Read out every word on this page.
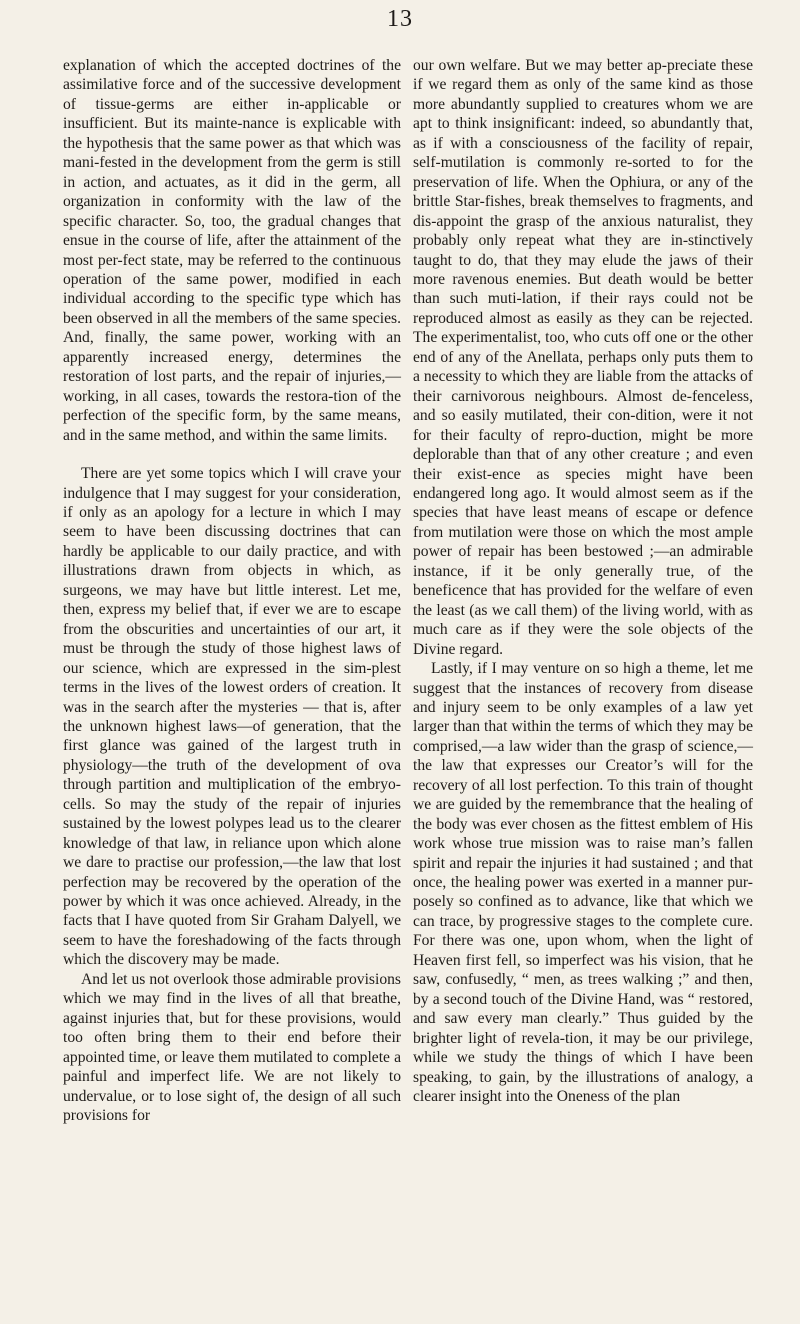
13

explanation of which the accepted doctrines of the assimilative force and of the successive development of tissue-germs are either in-applicable or insufficient. But its mainte-nance is explicable with the hypothesis that the same power as that which was mani-fested in the development from the germ is still in action, and actuates, as it did in the germ, all organization in conformity with the law of the specific character. So, too, the gradual changes that ensue in the course of life, after the attainment of the most per-fect state, may be referred to the continuous operation of the same power, modified in each individual according to the specific type which has been observed in all the members of the same species. And, finally, the same power, working with an apparently increased energy, determines the restoration of lost parts, and the repair of injuries,—working, in all cases, towards the restora-tion of the perfection of the specific form, by the same means, and in the same method, and within the same limits.

There are yet some topics which I will crave your indulgence that I may suggest for your consideration, if only as an apology for a lecture in which I may seem to have been discussing doctrines that can hardly be applicable to our daily practice, and with illustrations drawn from objects in which, as surgeons, we may have but little interest. Let me, then, express my belief that, if ever we are to escape from the obscurities and uncertainties of our art, it must be through the study of those highest laws of our science, which are expressed in the sim-plest terms in the lives of the lowest orders of creation. It was in the search after the mysteries — that is, after the unknown highest laws—of generation, that the first glance was gained of the largest truth in physiology—the truth of the development of ova through partition and multiplication of the embryo-cells. So may the study of the repair of injuries sustained by the lowest polypes lead us to the clearer knowledge of that law, in reliance upon which alone we dare to practise our profession,—the law that lost perfection may be recovered by the operation of the power by which it was once achieved. Already, in the facts that I have quoted from Sir Graham Dalyell, we seem to have the foreshadowing of the facts through which the discovery may be made.

And let us not overlook those admirable provisions which we may find in the lives of all that breathe, against injuries that, but for these provisions, would too often bring them to their end before their appointed time, or leave them mutilated to complete a painful and imperfect life. We are not likely to undervalue, or to lose sight of, the design of all such provisions for

our own welfare. But we may better ap-preciate these if we regard them as only of the same kind as those more abundantly supplied to creatures whom we are apt to think insignificant: indeed, so abundantly that, as if with a consciousness of the facility of repair, self-mutilation is commonly re-sorted to for the preservation of life. When the Ophiura, or any of the brittle Star-fishes, break themselves to fragments, and dis-appoint the grasp of the anxious naturalist, they probably only repeat what they are in-stinctively taught to do, that they may elude the jaws of their more ravenous enemies. But death would be better than such muti-lation, if their rays could not be reproduced almost as easily as they can be rejected. The experimentalist, too, who cuts off one or the other end of any of the Anellata, perhaps only puts them to a necessity to which they are liable from the attacks of their carnivorous neighbours. Almost de-fenceless, and so easily mutilated, their con-dition, were it not for their faculty of repro-duction, might be more deplorable than that of any other creature ; and even their exist-ence as species might have been endangered long ago. It would almost seem as if the species that have least means of escape or defence from mutilation were those on which the most ample power of repair has been bestowed ;—an admirable instance, if it be only generally true, of the beneficence that has provided for the welfare of even the least (as we call them) of the living world, with as much care as if they were the sole objects of the Divine regard.

Lastly, if I may venture on so high a theme, let me suggest that the instances of recovery from disease and injury seem to be only examples of a law yet larger than that within the terms of which they may be comprised,—a law wider than the grasp of science,—the law that expresses our Creator’s will for the recovery of all lost perfection. To this train of thought we are guided by the remembrance that the healing of the body was ever chosen as the fittest emblem of His work whose true mission was to raise man’s fallen spirit and repair the injuries it had sustained ; and that once, the healing power was exerted in a manner pur-posely so confined as to advance, like that which we can trace, by progressive stages to the complete cure. For there was one, upon whom, when the light of Heaven first fell, so imperfect was his vision, that he saw, confusedly, “ men, as trees walking ;” and then, by a second touch of the Divine Hand, was “ restored, and saw every man clearly.” Thus guided by the brighter light of revela-tion, it may be our privilege, while we study the things of which I have been speaking, to gain, by the illustrations of analogy, a clearer insight into the Oneness of the plan
